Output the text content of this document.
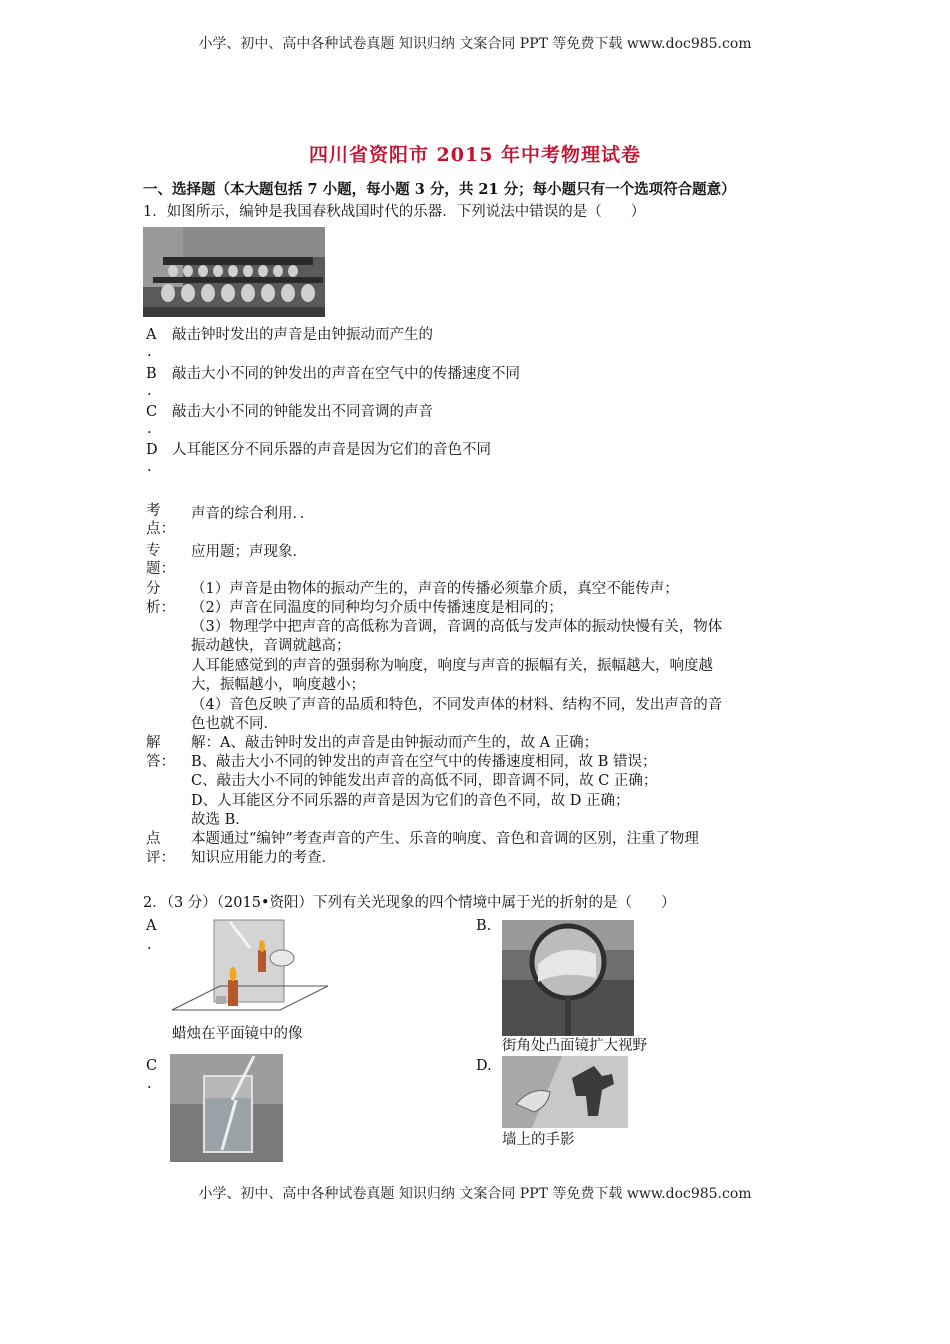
小学、初中、高中各种试卷真题 知识归纳 文案合同 PPT 等免费下载 www.doc985.com
小学、初中、高中各种试卷真题 知识归纳 文案合同 PPT 等免费下载 www.doc985.com
四川省资阳市 2015 年中考物理试卷
一、选择题（本大题包括 7 小题，每小题 3 分，共 21 分；每小题只有一个选项符合题意）
1．如图所示，编钟是我国春秋战国时代的乐器．下列说法中错误的是（　　）
A
.
敲击钟时发出的声音是由钟振动而产生的
B
.
敲击大小不同的钟发出的声音在空气中的传播速度不同
C
.
敲击大小不同的钟能发出不同音调的声音
D
.
人耳能区分不同乐器的声音是因为它们的音色不同
考
点：
声音的综合利用．．
专
题：
应用题；声现象．
分
析：
（1）声音是由物体的振动产生的，声音的传播必须靠介质，真空不能传声；
（2）声音在同温度的同种均匀介质中传播速度是相同的；
（3）物理学中把声音的高低称为音调，音调的高低与发声体的振动快慢有关，物体
振动越快，音调就越高；
人耳能感觉到的声音的强弱称为响度，响度与声音的振幅有关，振幅越大，响度越
大，振幅越小，响度越小；
（4）音色反映了声音的品质和特色，不同发声体的材料、结构不同，发出声音的音
色也就不同．
解
答：
解：A、敲击钟时发出的声音是由钟振动而产生的，故 A 正确；
B、敲击大小不同的钟发出的声音在空气中的传播速度相同，故 B 错误；
C、敲击大小不同的钟能发出声音的高低不同，即音调不同，故 C 正确；
D、人耳能区分不同乐器的声音是因为它们的音色不同，故 D 正确；
故选 B．
点
评：
本题通过“编钟”考查声音的产生、乐音的响度、音色和音调的区别，注重了物理
知识应用能力的考查．
2．（3 分）（2015•资阳）下列有关光现象的四个情境中属于光的折射的是（　　）
A
.
蜡烛在平面镜中的像
B.
街角处凸面镜扩大视野
C
.
D.
墙上的手影
